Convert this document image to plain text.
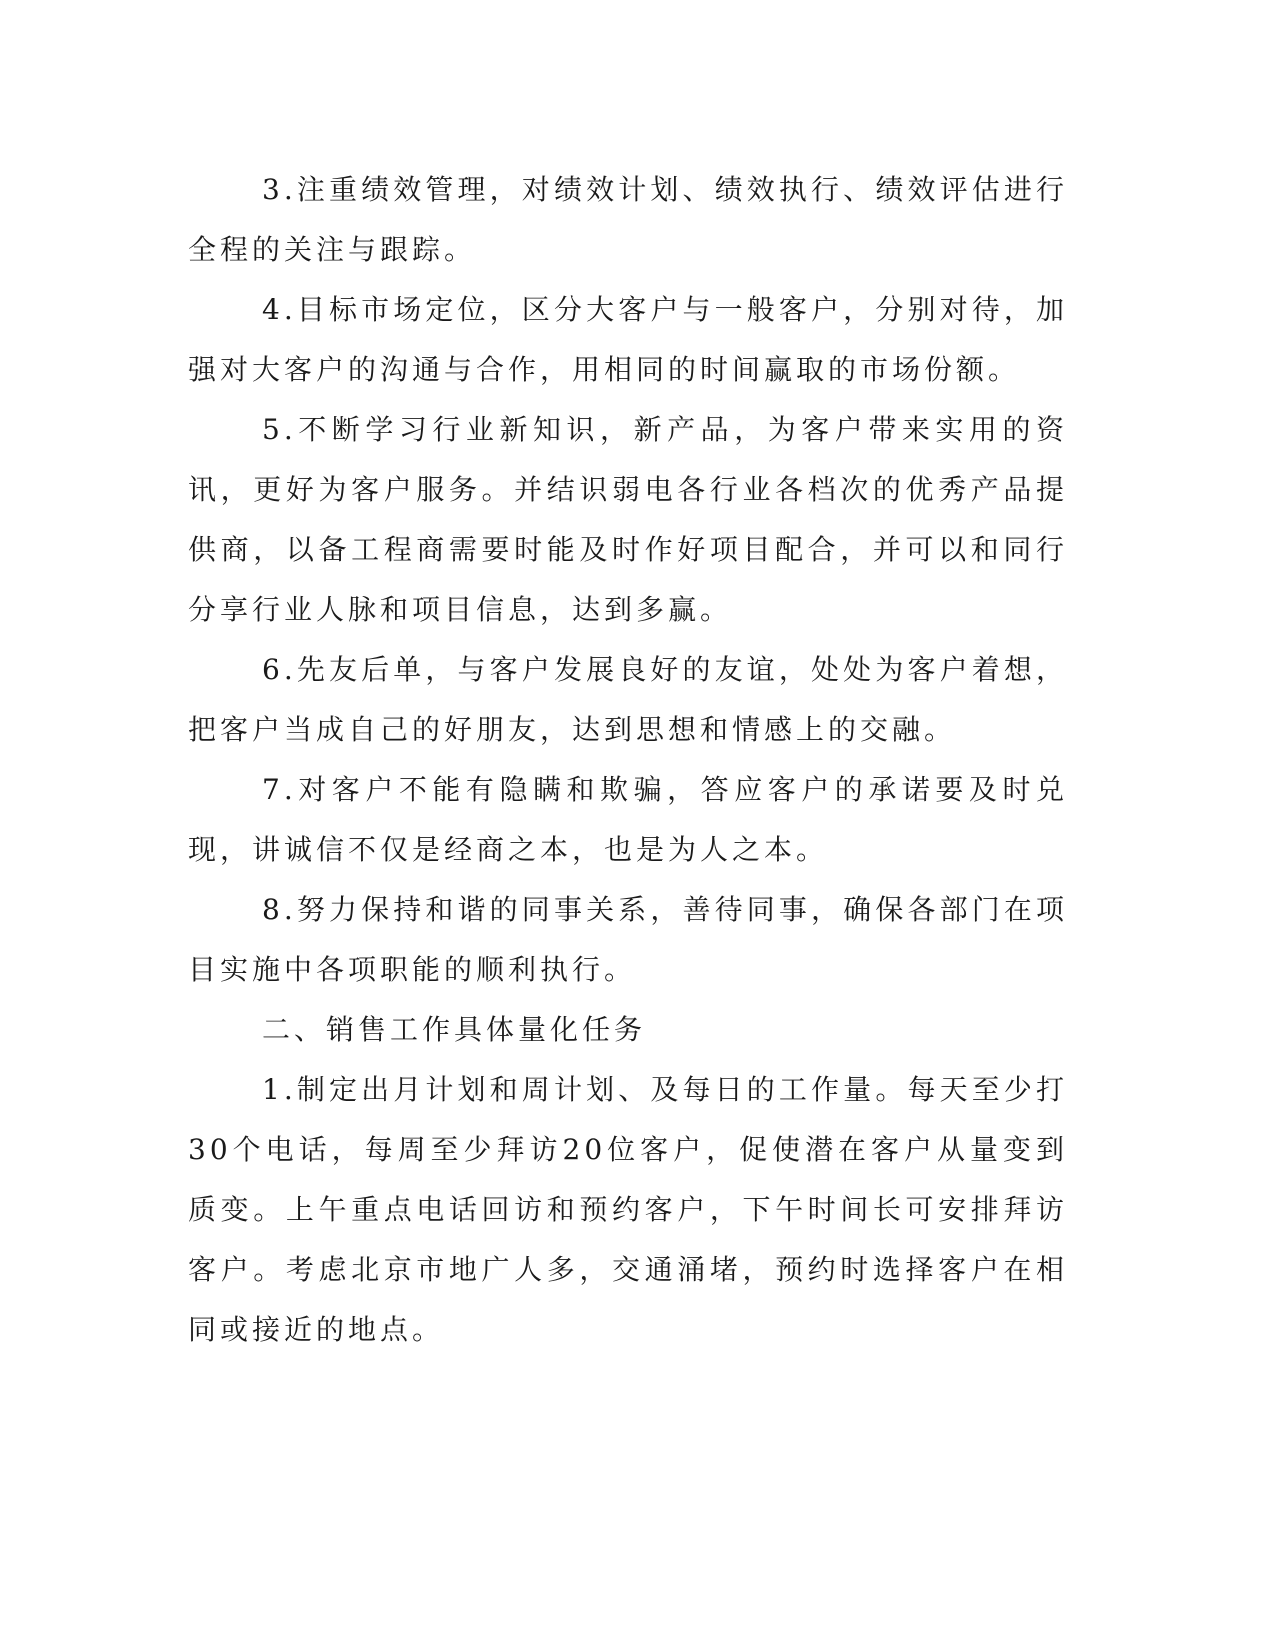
3.注重绩效管理，对绩效计划、绩效执行、绩效评估进行全程的关注与跟踪。

4.目标市场定位，区分大客户与一般客户，分别对待，加强对大客户的沟通与合作，用相同的时间赢取的市场份额。

5.不断学习行业新知识，新产品，为客户带来实用的资讯，更好为客户服务。并结识弱电各行业各档次的优秀产品提供商，以备工程商需要时能及时作好项目配合，并可以和同行分享行业人脉和项目信息，达到多赢。

6.先友后单，与客户发展良好的友谊，处处为客户着想，把客户当成自己的好朋友，达到思想和情感上的交融。

7.对客户不能有隐瞒和欺骗，答应客户的承诺要及时兑现，讲诚信不仅是经商之本，也是为人之本。

8.努力保持和谐的同事关系，善待同事，确保各部门在项目实施中各项职能的顺利执行。

二、销售工作具体量化任务

1.制定出月计划和周计划、及每日的工作量。每天至少打30个电话，每周至少拜访20位客户，促使潜在客户从量变到质变。上午重点电话回访和预约客户，下午时间长可安排拜访客户。考虑北京市地广人多，交通涌堵，预约时选择客户在相同或接近的地点。
